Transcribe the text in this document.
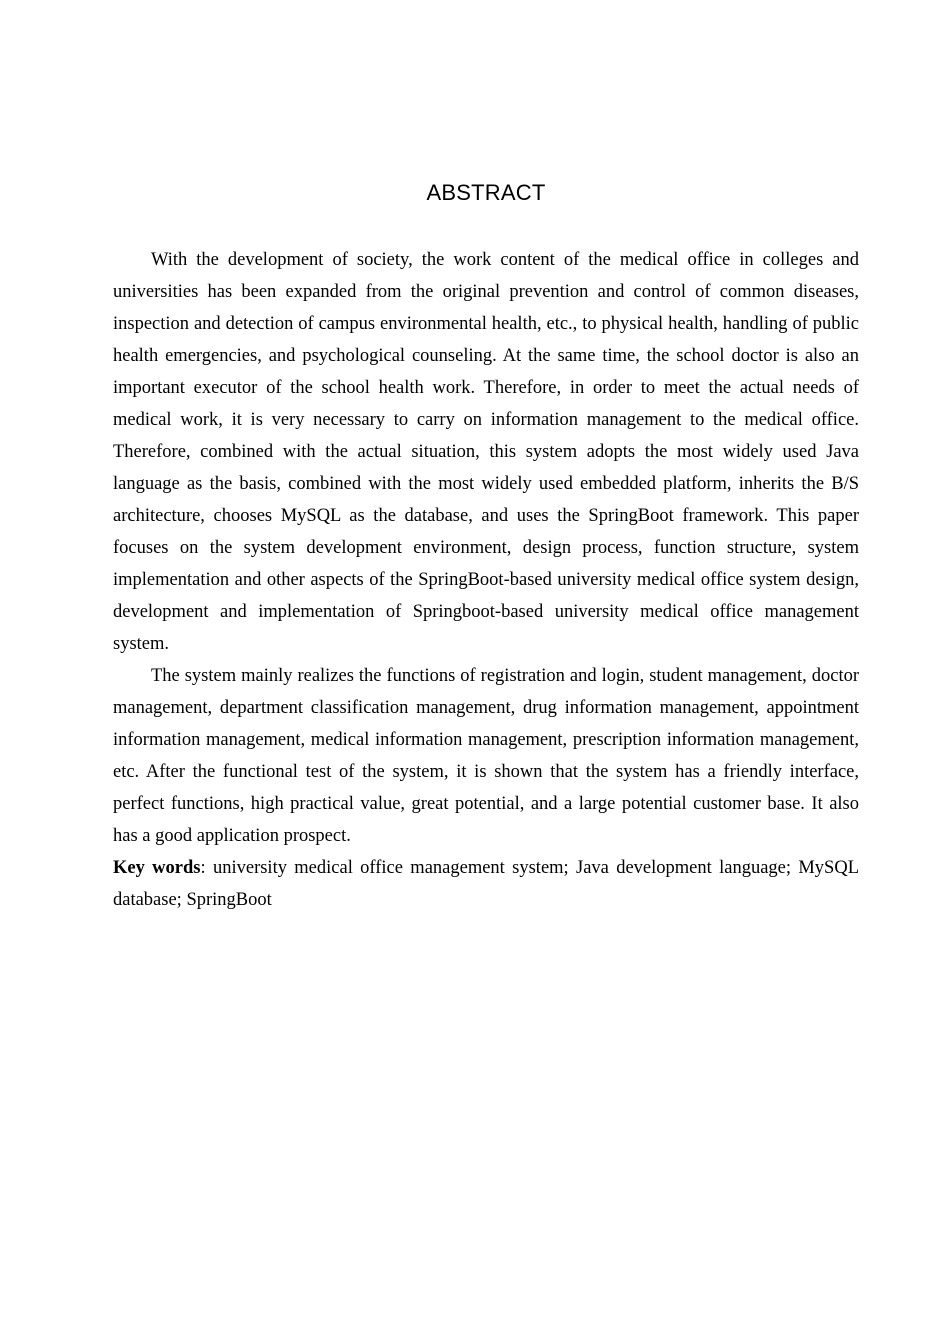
ABSTRACT

With the development of society, the work content of the medical office in colleges and universities has been expanded from the original prevention and control of common diseases, inspection and detection of campus environmental health, etc., to physical health, handling of public health emergencies, and psychological counseling. At the same time, the school doctor is also an important executor of the school health work. Therefore, in order to meet the actual needs of medical work, it is very necessary to carry on information management to the medical office. Therefore, combined with the actual situation, this system adopts the most widely used Java language as the basis, combined with the most widely used embedded platform, inherits the B/S architecture, chooses MySQL as the database, and uses the SpringBoot framework. This paper focuses on the system development environment, design process, function structure, system implementation and other aspects of the SpringBoot-based university medical office system design, development and implementation of Springboot-based university medical office management system.

The system mainly realizes the functions of registration and login, student management, doctor management, department classification management, drug information management, appointment information management, medical information management, prescription information management, etc. After the functional test of the system, it is shown that the system has a friendly interface, perfect functions, high practical value, great potential, and a large potential customer base. It also has a good application prospect.

Key words: university medical office management system; Java development language; MySQL database; SpringBoot
